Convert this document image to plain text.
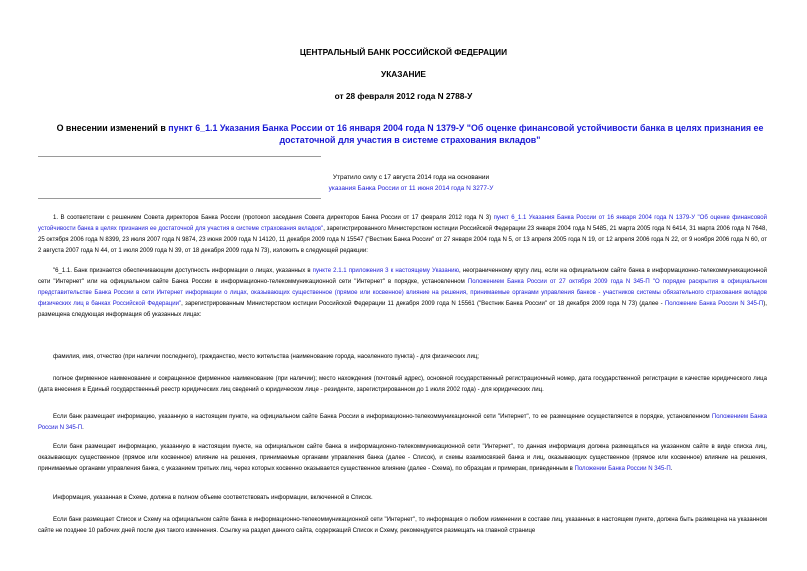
ЦЕНТРАЛЬНЫЙ БАНК РОССИЙСКОЙ ФЕДЕРАЦИИ
УКАЗАНИЕ
от 28 февраля 2012 года N 2788-У
О внесении изменений в пункт 6_1.1 Указания Банка России от 16 января 2004 года N 1379-У "Об оценке финансовой устойчивости банка в целях признания ее достаточной для участия в системе страхования вкладов"
Утратило силу с 17 августа 2014 года на основании
указания Банка России от 11 июня 2014 года N 3277-У

1. В соответствии с решением Совета директоров Банка России (протокол заседания Совета директоров Банка России от 17 февраля 2012 года N 3) пункт 6_1.1 Указания Банка России от 16 января 2004 года N 1379-У "Об оценке финансовой устойчивости банка в целях признания ее достаточной для участия в системе страхования вкладов", зарегистрированного Министерством юстиции Российской Федерации 23 января 2004 года N 5485, 21 марта 2005 года N 6414, 31 марта 2006 года N 7648, 25 октября 2006 года N 8399, 23 июля 2007 года N 9874, 23 июня 2009 года N 14120, 11 декабря 2009 года N 15547 ("Вестник Банка России" от 27 января 2004 года N 5, от 13 апреля 2005 года N 19, от 12 апреля 2006 года N 22, от 9 ноября 2006 года N 60, от 2 августа 2007 года N 44, от 1 июля 2009 года N 39, от 18 декабря 2009 года N 73), изложить в следующей редакции:

"6_1.1. Банк признается обеспечивающим доступность информации о лицах, указанных в пункте 2.1.1 приложения 3 к настоящему Указанию, неограниченному кругу лиц, если на официальном сайте банка в информационно-телекоммуникационной сети "Интернет" или на официальном сайте Банка России в информационно-телекоммуникационной сети "Интернет" в порядке, установленном Положением Банка России от 27 октября 2009 года N 345-П "О порядке раскрытия в официальном представительстве Банка России в сети Интернет информации о лицах, оказывающих существенное (прямое или косвенное) влияние на решения, принимаемые органами управления банков - участников системы обязательного страхования вкладов физических лиц в банках Российской Федерации", зарегистрированным Министерством юстиции Российской Федерации 11 декабря 2009 года N 15561 ("Вестник Банка России" от 18 декабря 2009 года N 73) (далее - Положение Банка России N 345-П), размещена следующая информация об указанных лицах:

фамилия, имя, отчество (при наличии последнего), гражданство, место жительства (наименование города, населенного пункта) - для физических лиц;

полное фирменное наименование и сокращенное фирменное наименование (при наличии); место нахождения (почтовый адрес), основной государственный регистрационный номер, дата государственной регистрации в качестве юридического лица (дата внесения в Единый государственный реестр юридических лиц сведений о юридическом лице - резиденте, зарегистрированном до 1 июля 2002 года) - для юридических лиц.

Если банк размещает информацию, указанную в настоящем пункте, на официальном сайте Банка России в информационно-телекоммуникационной сети "Интернет", то ее размещение осуществляется в порядке, установленном Положением Банка России N 345-П.

Если банк размещает информацию, указанную в настоящем пункте, на официальном сайте банка в информационно-телекоммуникационной сети "Интернет", то данная информация должна размещаться на указанном сайте в виде списка лиц, оказывающих существенное (прямое или косвенное) влияние на решения, принимаемые органами управления банка (далее - Список), и схемы взаимосвязей банка и лиц, оказывающих существенное (прямое или косвенное) влияние на решения, принимаемые органами управления банка, с указанием третьих лиц, через которых косвенно оказывается существенное влияние (далее - Схема), по образцам и примерам, приведенным в Положении Банка России N 345-П.

Информация, указанная в Схеме, должна в полном объеме соответствовать информации, включенной в Список.

Если банк размещает Список и Схему на официальном сайте банка в информационно-телекоммуникационной сети "Интернет", то информация о любом изменении в составе лиц, указанных в настоящем пункте, должна быть размещена на указанном сайте не позднее 10 рабочих дней после дня такого изменения. Ссылку на раздел данного сайта, содержащий Список и Схему, рекомендуется размещать на главной странице
